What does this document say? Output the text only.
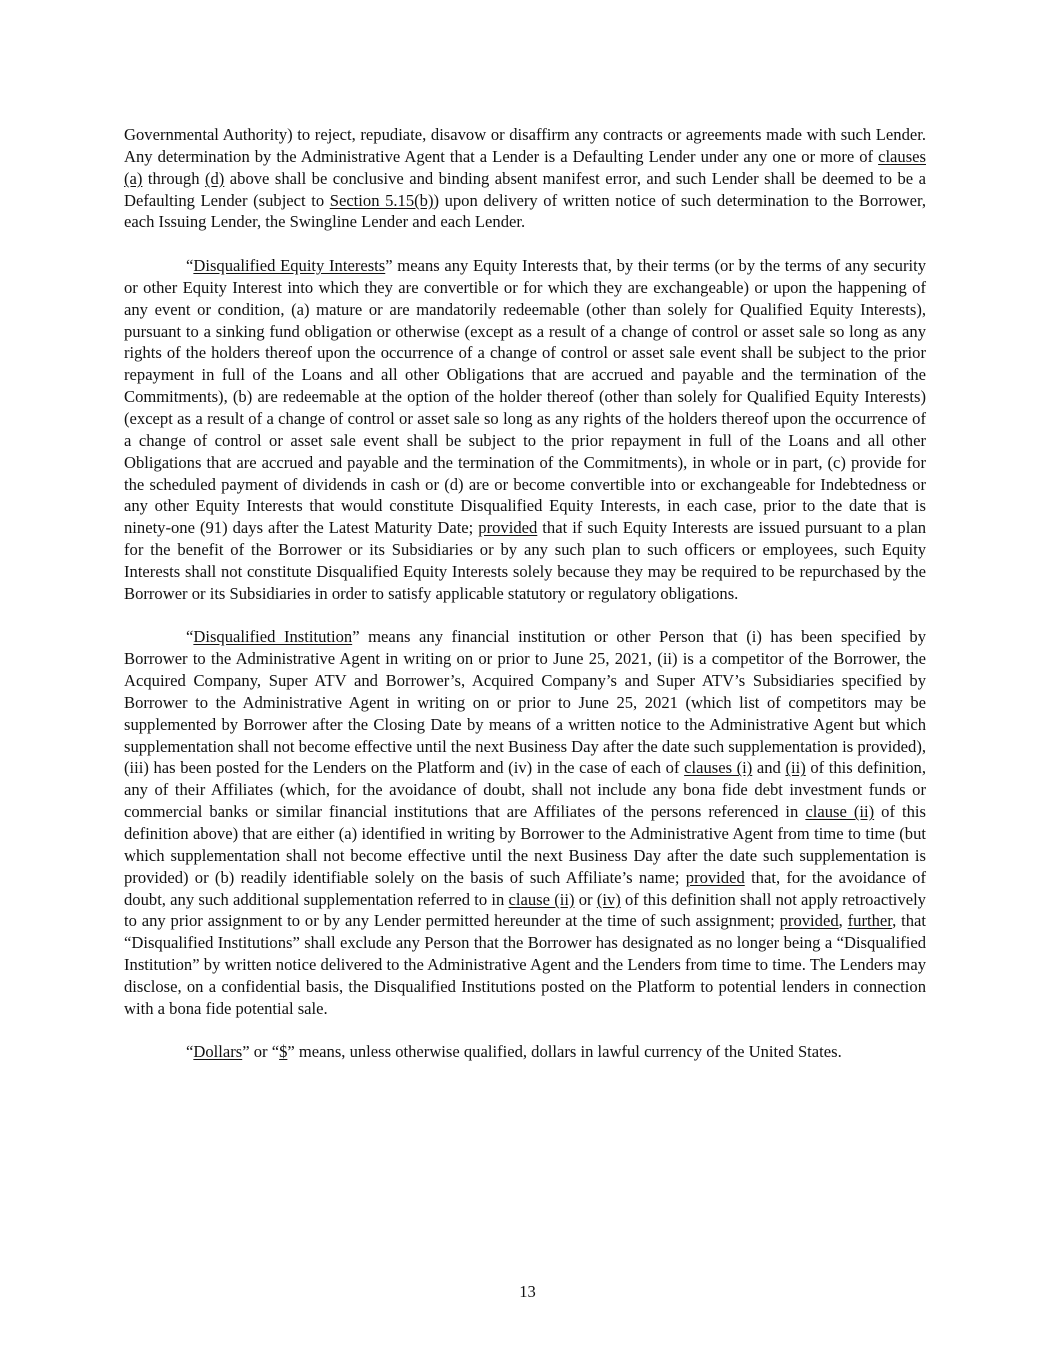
Governmental Authority) to reject, repudiate, disavow or disaffirm any contracts or agreements made with such Lender. Any determination by the Administrative Agent that a Lender is a Defaulting Lender under any one or more of clauses (a) through (d) above shall be conclusive and binding absent manifest error, and such Lender shall be deemed to be a Defaulting Lender (subject to Section 5.15(b)) upon delivery of written notice of such determination to the Borrower, each Issuing Lender, the Swingline Lender and each Lender.

“Disqualified Equity Interests” means any Equity Interests that, by their terms (or by the terms of any security or other Equity Interest into which they are convertible or for which they are exchangeable) or upon the happening of any event or condition, (a) mature or are mandatorily redeemable (other than solely for Qualified Equity Interests), pursuant to a sinking fund obligation or otherwise (except as a result of a change of control or asset sale so long as any rights of the holders thereof upon the occurrence of a change of control or asset sale event shall be subject to the prior repayment in full of the Loans and all other Obligations that are accrued and payable and the termination of the Commitments), (b) are redeemable at the option of the holder thereof (other than solely for Qualified Equity Interests) (except as a result of a change of control or asset sale so long as any rights of the holders thereof upon the occurrence of a change of control or asset sale event shall be subject to the prior repayment in full of the Loans and all other Obligations that are accrued and payable and the termination of the Commitments), in whole or in part, (c) provide for the scheduled payment of dividends in cash or (d) are or become convertible into or exchangeable for Indebtedness or any other Equity Interests that would constitute Disqualified Equity Interests, in each case, prior to the date that is ninety-one (91) days after the Latest Maturity Date; provided that if such Equity Interests are issued pursuant to a plan for the benefit of the Borrower or its Subsidiaries or by any such plan to such officers or employees, such Equity Interests shall not constitute Disqualified Equity Interests solely because they may be required to be repurchased by the Borrower or its Subsidiaries in order to satisfy applicable statutory or regulatory obligations.

“Disqualified Institution” means any financial institution or other Person that (i) has been specified by Borrower to the Administrative Agent in writing on or prior to June 25, 2021, (ii) is a competitor of the Borrower, the Acquired Company, Super ATV and Borrower’s, Acquired Company’s and Super ATV’s Subsidiaries specified by Borrower to the Administrative Agent in writing on or prior to June 25, 2021 (which list of competitors may be supplemented by Borrower after the Closing Date by means of a written notice to the Administrative Agent but which supplementation shall not become effective until the next Business Day after the date such supplementation is provided), (iii) has been posted for the Lenders on the Platform and (iv) in the case of each of clauses (i) and (ii) of this definition, any of their Affiliates (which, for the avoidance of doubt, shall not include any bona fide debt investment funds or commercial banks or similar financial institutions that are Affiliates of the persons referenced in clause (ii) of this definition above) that are either (a) identified in writing by Borrower to the Administrative Agent from time to time (but which supplementation shall not become effective until the next Business Day after the date such supplementation is provided) or (b) readily identifiable solely on the basis of such Affiliate’s name; provided that, for the avoidance of doubt, any such additional supplementation referred to in clause (ii) or (iv) of this definition shall not apply retroactively to any prior assignment to or by any Lender permitted hereunder at the time of such assignment; provided, further, that “Disqualified Institutions” shall exclude any Person that the Borrower has designated as no longer being a “Disqualified Institution” by written notice delivered to the Administrative Agent and the Lenders from time to time. The Lenders may disclose, on a confidential basis, the Disqualified Institutions posted on the Platform to potential lenders in connection with a bona fide potential sale.

“Dollars” or “$” means, unless otherwise qualified, dollars in lawful currency of the United States.

13
